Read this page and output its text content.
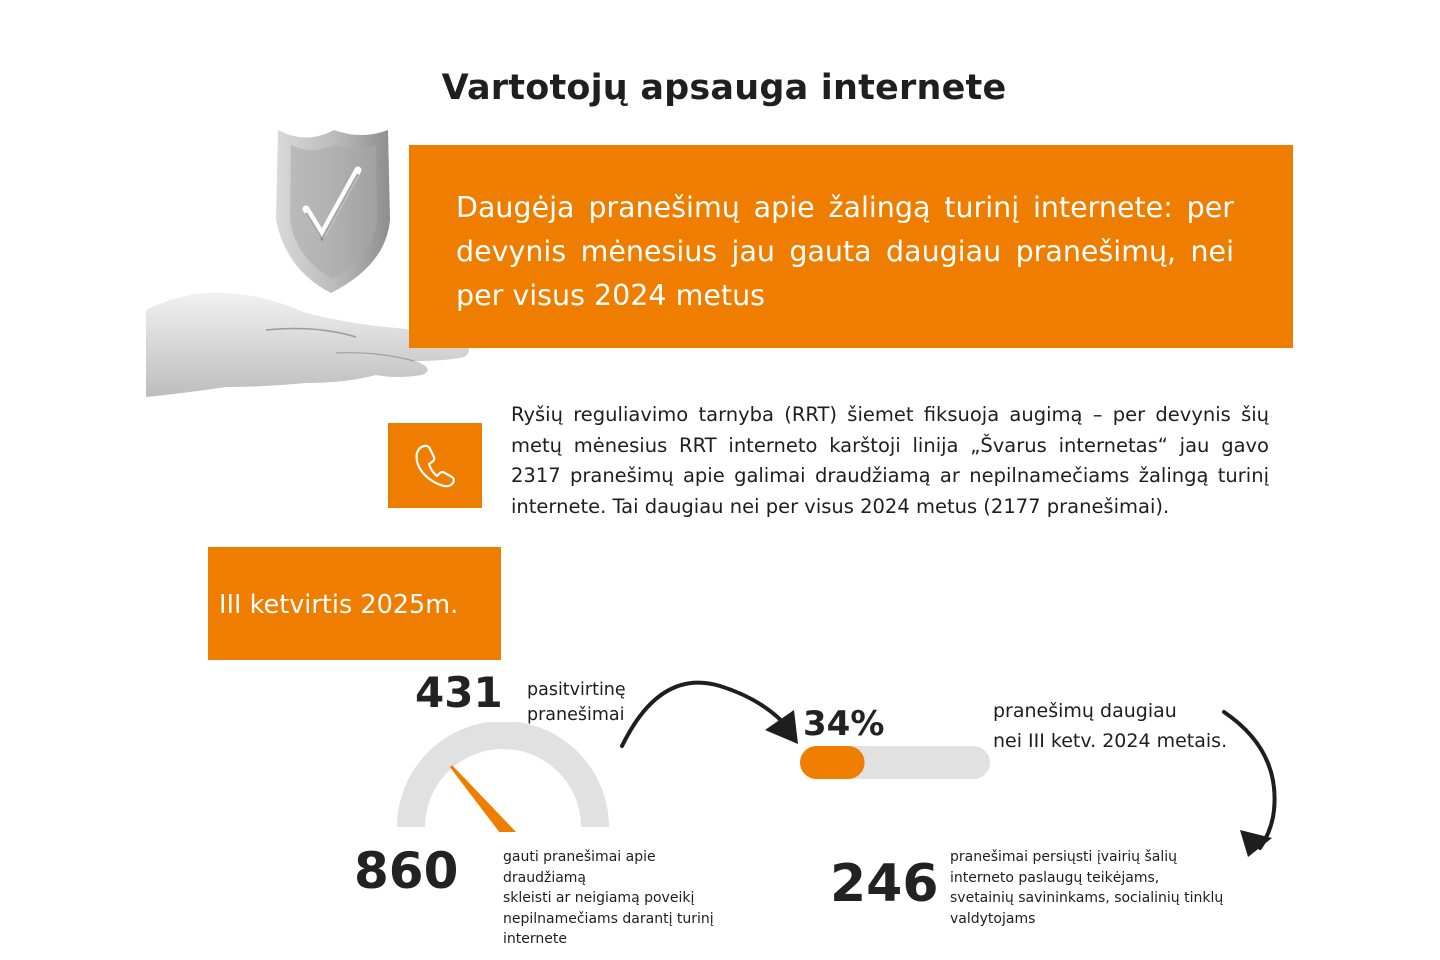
Vartotojų apsauga internete
Daugėja pranešimų apie žalingą turinį internete: per devynis mėnesius jau gauta daugiau pranešimų, nei per visus 2024 metus
Ryšių reguliavimo tarnyba (RRT) šiemet fiksuoja augimą – per devynis šių metų mėnesius RRT interneto karštoji linija „Švarus internetas“ jau gavo 2317 pranešimų apie galimai draudžiamą ar nepilnamečiams žalingą turinį internete. Tai daugiau nei per visus 2024 metus (2177 pranešimai).
III ketvirtis 2025m.
431 pasitvirtinę pranešimai
860	gauti pranešimai apie draudžiamą
skleisti ar neigiamą poveikį
nepilnamečiams darantį turinį
internete
34%	pranešimų daugiau
nei III ketv. 2024 metais.
246 pranešimai persiųsti įvairių šalių
interneto paslaugų teikėjams,
svetainių savininkams, socialinių tinklų
valdytojams
